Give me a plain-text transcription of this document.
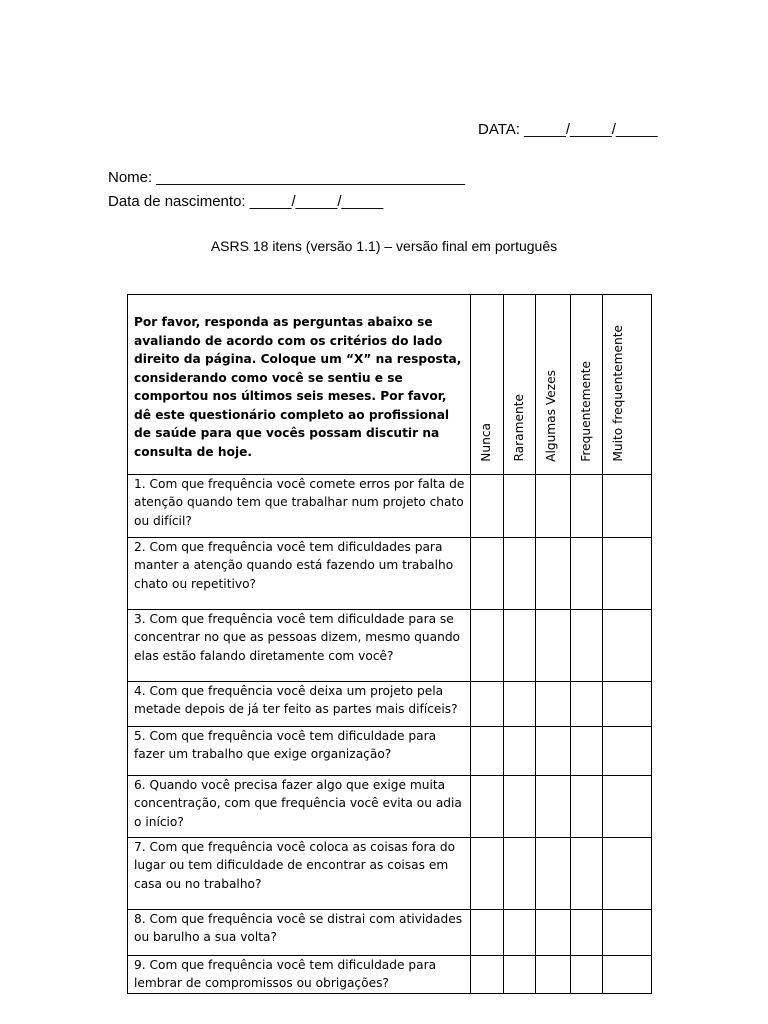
DATA: _____/_____/_____
Nome: _____________________________________
Data de nascimento: _____/_____/_____
ASRS 18 itens (versão 1.1) – versão final em português
Por favor, responda as perguntas abaixo se avaliando de acordo com os critérios do lado direito da página. Coloque um “X” na resposta, considerando como você se sentiu e se comportou nos últimos seis meses. Por favor, dê este questionário completo ao profissional de saúde para que vocês possam discutir na consulta de hoje.	Nunca	Raramente	Algumas Vezes	Frequentemente	Muito frequentemente
1. Com que frequência você comete erros por falta de atenção quando tem que trabalhar num projeto chato ou difícil?					
2. Com que frequência você tem dificuldades para manter a atenção quando está fazendo um trabalho chato ou repetitivo?					
3. Com que frequência você tem dificuldade para se concentrar no que as pessoas dizem, mesmo quando elas estão falando diretamente com você?					
4. Com que frequência você deixa um projeto pela metade depois de já ter feito as partes mais difíceis?					
5. Com que frequência você tem dificuldade para fazer um trabalho que exige organização?					
6. Quando você precisa fazer algo que exige muita concentração, com que frequência você evita ou adia o início?					
7. Com que frequência você coloca as coisas fora do lugar ou tem dificuldade de encontrar as coisas em casa ou no trabalho?					
8. Com que frequência você se distrai com atividades ou barulho a sua volta?					
9. Com que frequência você tem dificuldade para lembrar de compromissos ou obrigações?					
